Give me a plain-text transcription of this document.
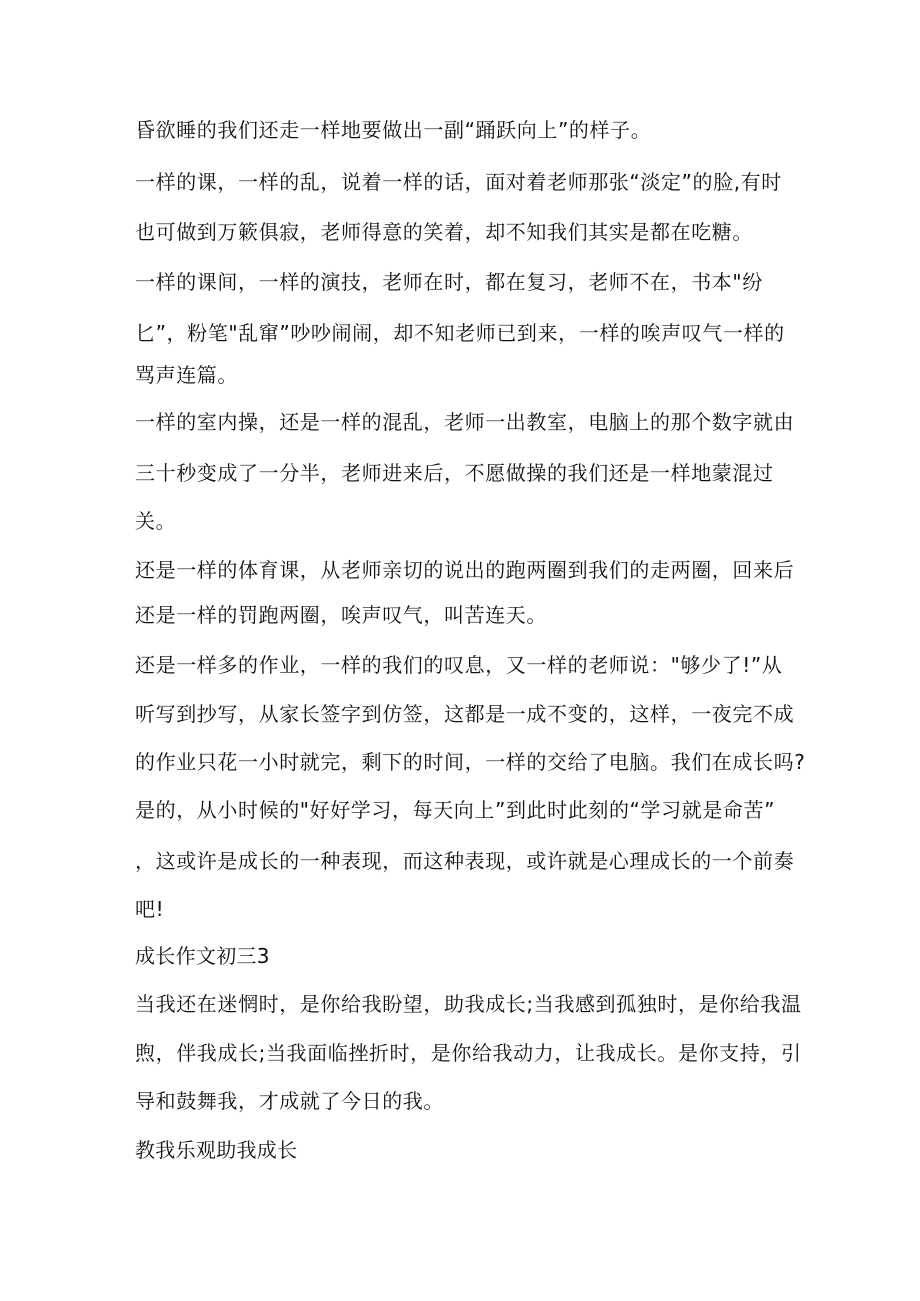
昏欲睡的我们还走一样地要做出一副“踊跃向上”的样子。
一样的课，一样的乱，说着一样的话，面对着老师那张“淡定”的脸,有时
也可做到万簌俱寂，老师得意的笑着，却不知我们其实是都在吃糖。
一样的课间，一样的演技，老师在时，都在复习，老师不在，书本"纷
匕”，粉笔"乱窜”吵吵闹闹，却不知老师已到来，一样的唉声叹气一样的
骂声连篇。
一样的室内操，还是一样的混乱，老师一出教室，电脑上的那个数字就由
三十秒变成了一分半，老师进来后，不愿做操的我们还是一样地蒙混过
关。
还是一样的体育课，从老师亲切的说出的跑两圈到我们的走两圈，回来后
还是一样的罚跑两圈，唉声叹气，叫苦连天。
还是一样多的作业，一样的我们的叹息，又一样的老师说："够少了!”从
听写到抄写，从家长签字到仿签，这都是一成不变的，这样，一夜完不成
的作业只花一小时就完，剩下的时间，一样的交给了电脑。我们在成长吗?
是的，从小时候的"好好学习，每天向上”到此时此刻的“学习就是命苦”
，这或许是成长的一种表现，而这种表现，或许就是心理成长的一个前奏
吧!
成长作文初三3
当我还在迷惘时，是你给我盼望，助我成长;当我感到孤独时，是你给我温
煦，伴我成长;当我面临挫折时，是你给我动力，让我成长。是你支持，引
导和鼓舞我，才成就了今日的我。
教我乐观助我成长
